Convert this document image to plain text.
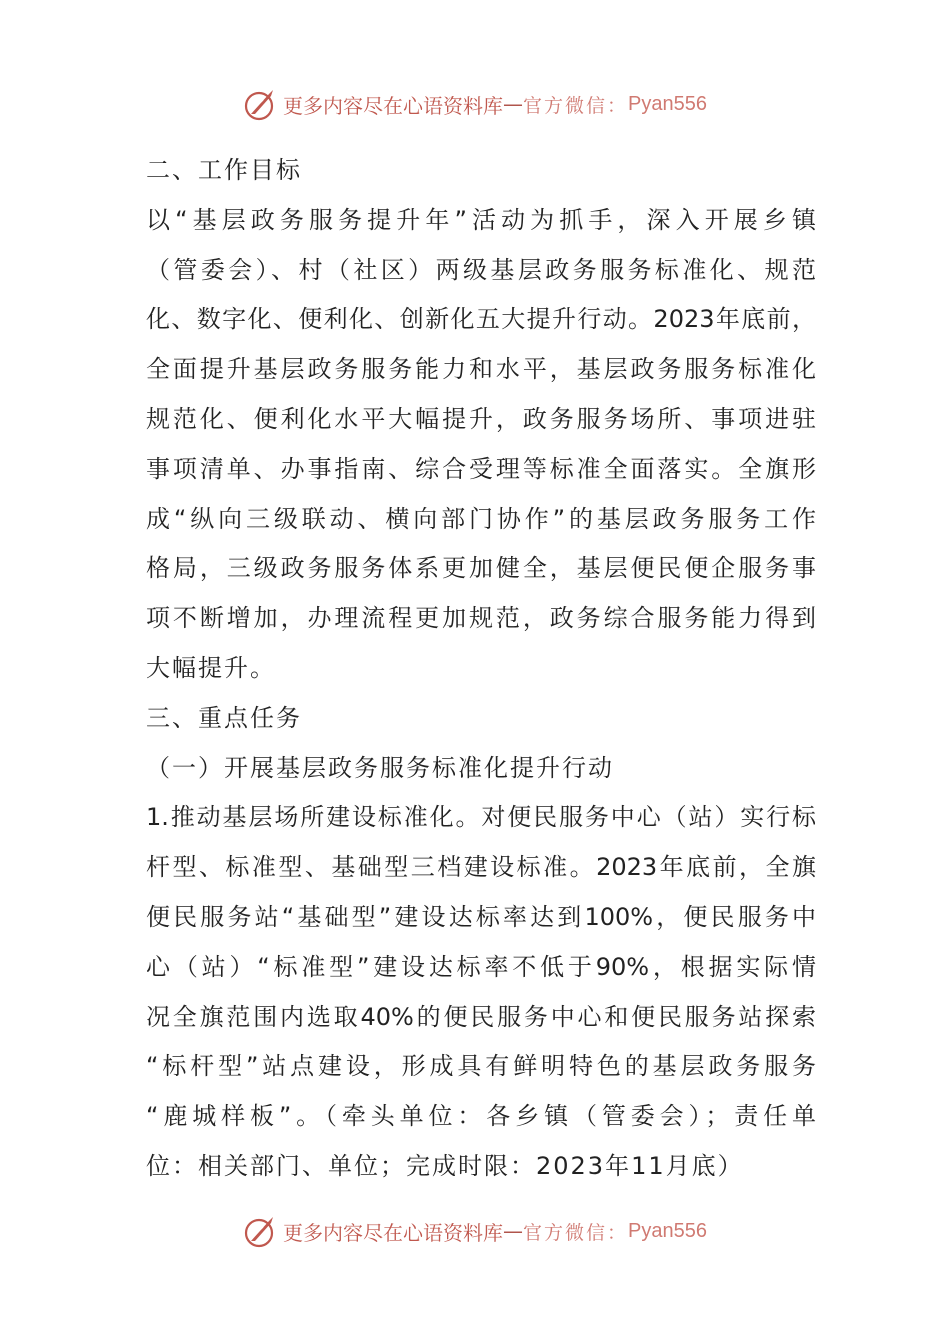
更多内容尽在心语资料库 — 官方微信： Pyan556
二、工作目标
以“基层政务服务提升年”活动为抓手，深入开展乡镇
（管委会）、村（社区）两级基层政务服务标准化、规范
化、数字化、便利化、创新化五大提升行动。2023年底前，
全面提升基层政务服务能力和水平，基层政务服务标准化
规范化、便利化水平大幅提升，政务服务场所、事项进驻
事项清单、办事指南、综合受理等标准全面落实。全旗形
成“纵向三级联动、横向部门协作”的基层政务服务工作
格局，三级政务服务体系更加健全，基层便民便企服务事
项不断增加，办理流程更加规范，政务综合服务能力得到
大幅提升。
三、重点任务
（一）开展基层政务服务标准化提升行动
1.推动基层场所建设标准化。对便民服务中心（站）实行标
杆型、标准型、基础型三档建设标准。2023年底前，全旗
便民服务站“基础型”建设达标率达到100%，便民服务中
心（站）“标准型”建设达标率不低于90%，根据实际情
况全旗范围内选取40%的便民服务中心和便民服务站探索
“标杆型”站点建设，形成具有鲜明特色的基层政务服务
“鹿城样板”。（牵头单位：各乡镇（管委会）；责任单
位：相关部门、单位；完成时限：2023年11月底）
更多内容尽在心语资料库 — 官方微信： Pyan556
